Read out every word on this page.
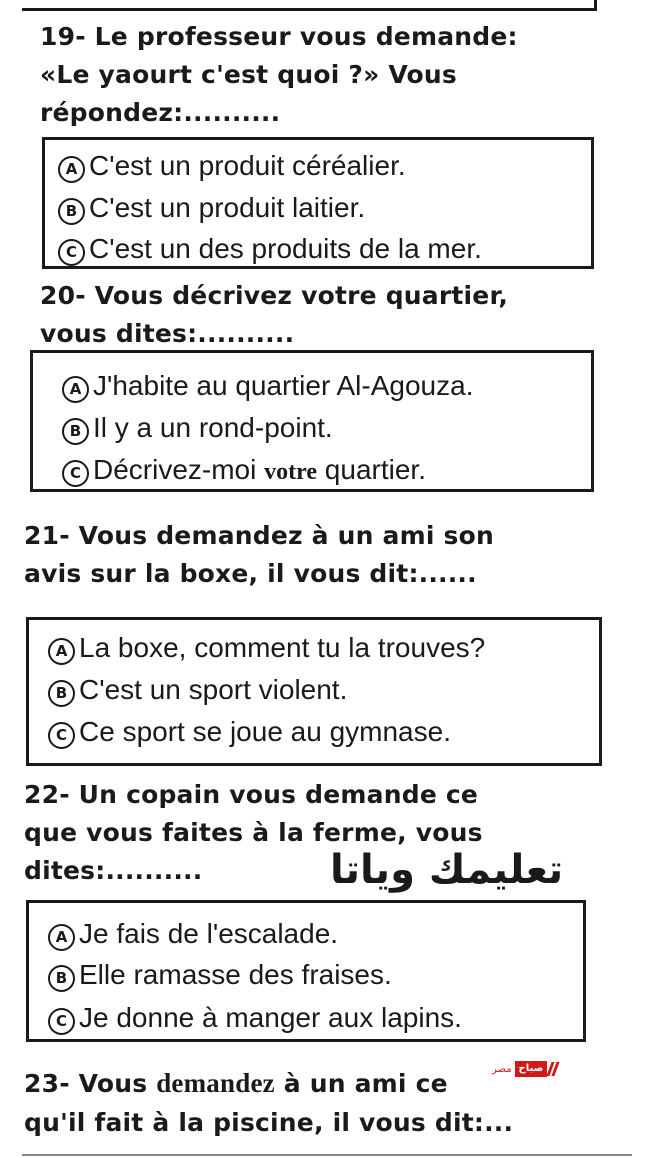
19- Le professeur vous demande:
«Le yaourt c'est quoi ?» Vous
répondez:..........
A C'est un produit céréalier.
B C'est un produit laitier.
C C'est un des produits de la mer.
20- Vous décrivez votre quartier,
vous dites:..........
A J'habite au quartier Al-Agouza.
B Il y a un rond-point.
C Décrivez-moi votre quartier.
21- Vous demandez à un ami son
avis sur la boxe, il vous dit:......
A La boxe, comment tu la trouves?
B C'est un sport violent.
C Ce sport se joue au gymnase.
22- Un copain vous demande ce
que vous faites à la ferme, vous
dites:..........	تعليمك وياتا
A Je fais de l'escalade.
B Elle ramasse des fraises.
C Je donne à manger aux lapins.
23- Vous demandez à un ami ce
qu'il fait à la piscine, il vous dit:...
مصر صباح
